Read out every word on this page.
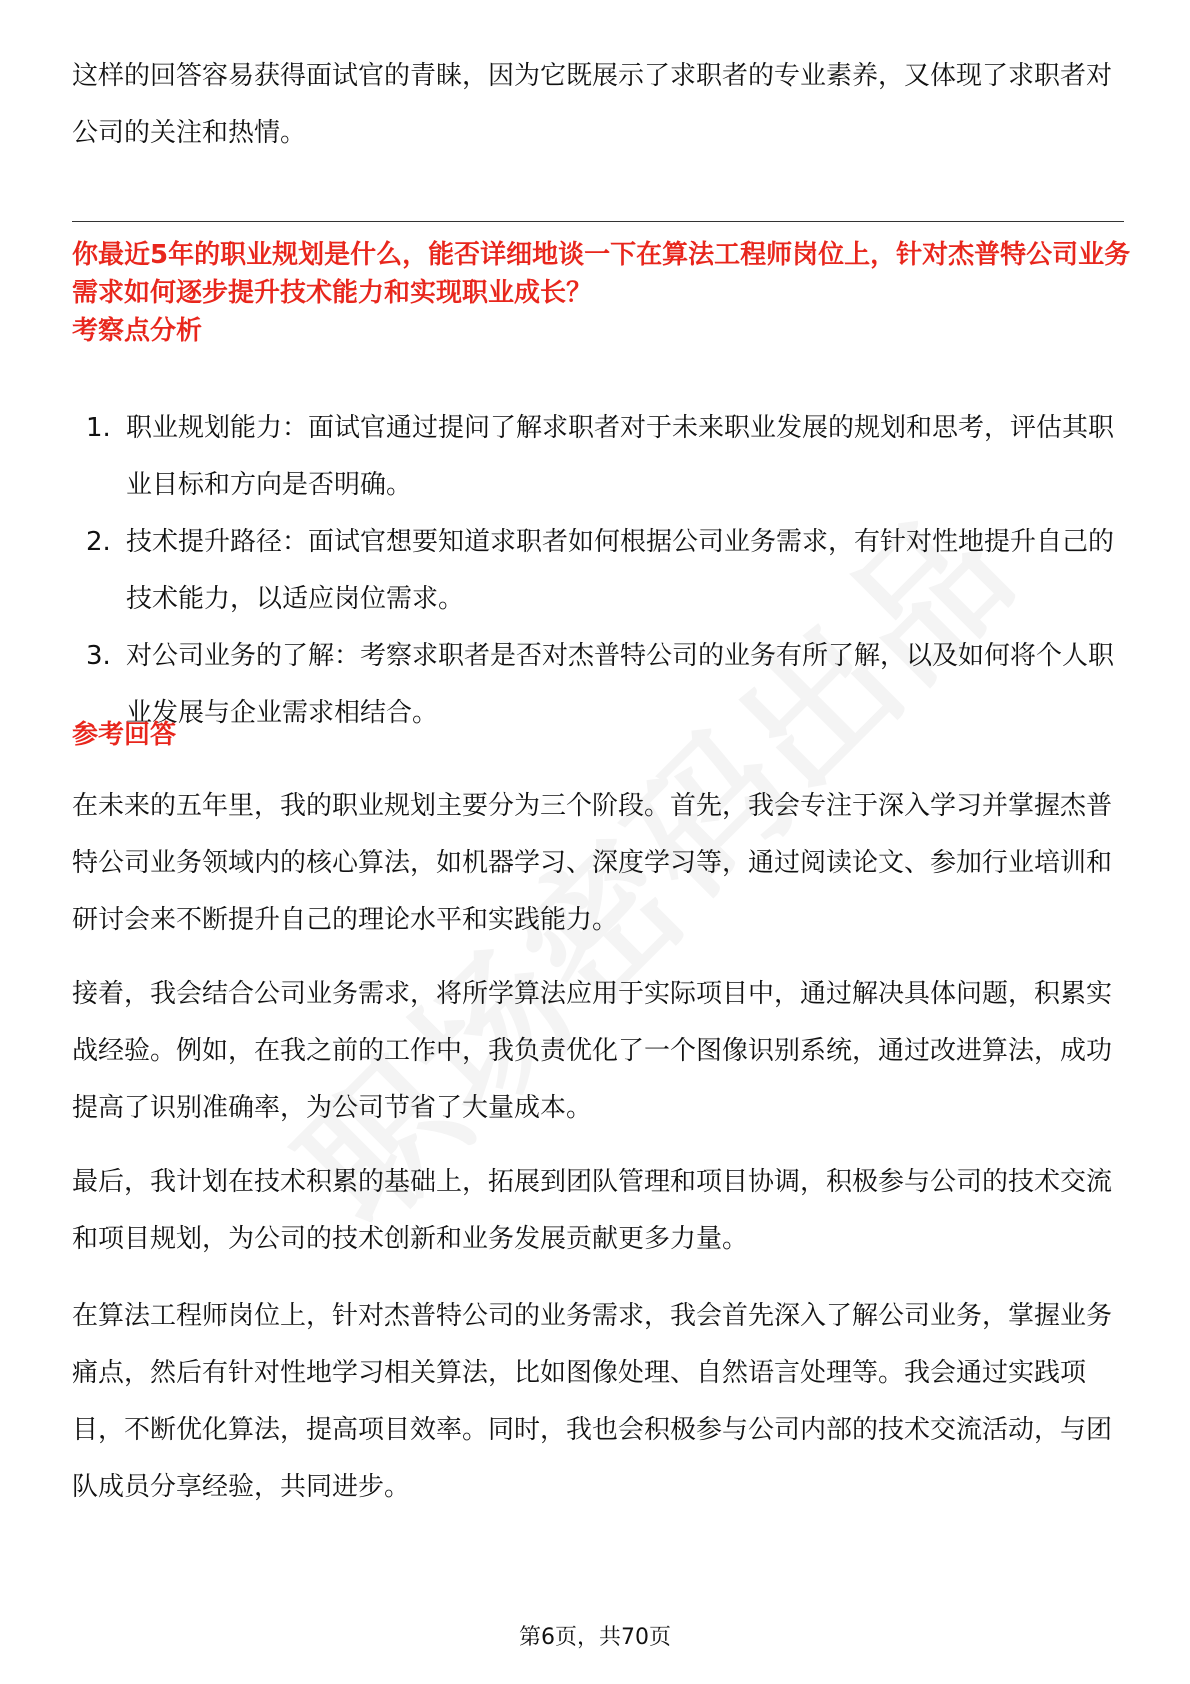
这样的回答容易获得面试官的青睐，因为它既展示了求职者的专业素养，又体现了求职者对公司的关注和热情。

你最近5年的职业规划是什么，能否详细地谈一下在算法工程师岗位上，针对杰普特公司业务需求如何逐步提升技术能力和实现职业成长？

考察点分析

1. 职业规划能力：面试官通过提问了解求职者对于未来职业发展的规划和思考，评估其职业目标和方向是否明确。
2. 技术提升路径：面试官想要知道求职者如何根据公司业务需求，有针对性地提升自己的技术能力，以适应岗位需求。
3. 对公司业务的了解：考察求职者是否对杰普特公司的业务有所了解，以及如何将个人职业发展与企业需求相结合。

参考回答

在未来的五年里，我的职业规划主要分为三个阶段。首先，我会专注于深入学习并掌握杰普特公司业务领域内的核心算法，如机器学习、深度学习等，通过阅读论文、参加行业培训和研讨会来不断提升自己的理论水平和实践能力。

接着，我会结合公司业务需求，将所学算法应用于实际项目中，通过解决具体问题，积累实战经验。例如，在我之前的工作中，我负责优化了一个图像识别系统，通过改进算法，成功提高了识别准确率，为公司节省了大量成本。

最后，我计划在技术积累的基础上，拓展到团队管理和项目协调，积极参与公司的技术交流和项目规划，为公司的技术创新和业务发展贡献更多力量。

在算法工程师岗位上，针对杰普特公司的业务需求，我会首先深入了解公司业务，掌握业务痛点，然后有针对性地学习相关算法，比如图像处理、自然语言处理等。我会通过实践项目，不断优化算法，提高项目效率。同时，我也会积极参与公司内部的技术交流活动，与团队成员分享经验，共同进步。

第6页，共70页
